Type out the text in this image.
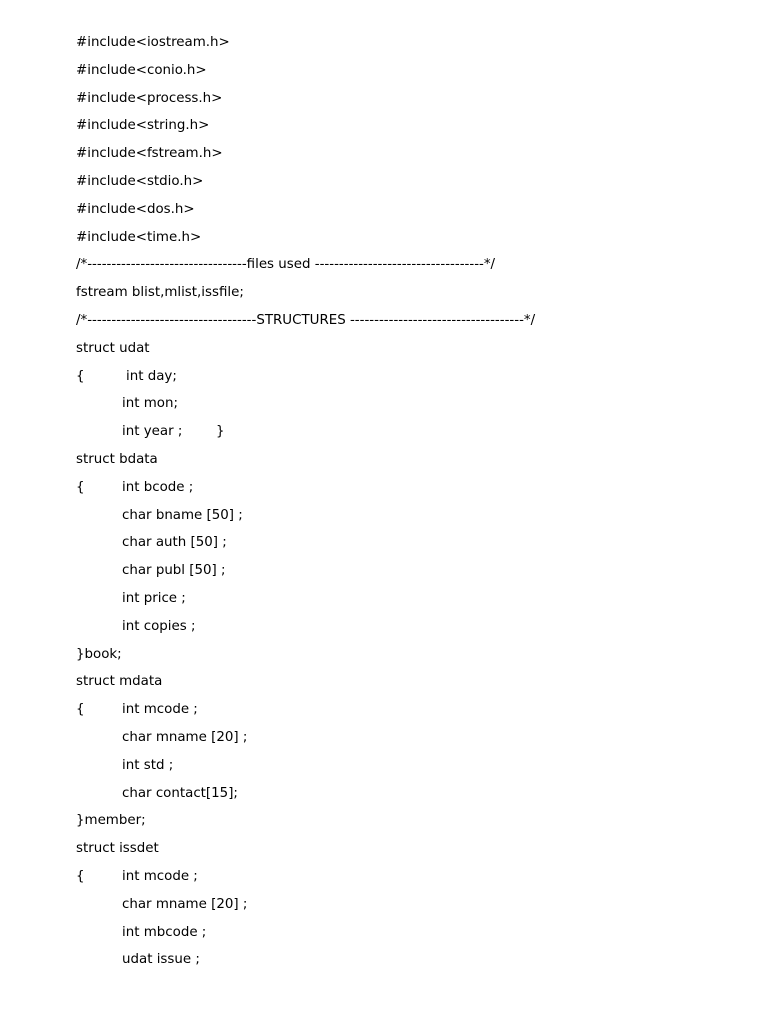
#include<iostream.h>
#include<conio.h>
#include<process.h>
#include<string.h>
#include<fstream.h>
#include<stdio.h>
#include<dos.h>
#include<time.h>
/*---------------------------------files used -----------------------------------*/
fstream blist,mlist,issfile;
/*-----------------------------------STRUCTURES ------------------------------------*/
struct udat
{	int day;
int mon;
int year ;	}
struct bdata
{	int bcode ;
char bname [50] ;
char auth [50] ;
char publ [50] ;
int price ;
int copies ;
}book;
struct mdata
{	int mcode ;
char mname [20] ;
int std ;
char contact[15];
}member;
struct issdet
{	int mcode ;
char mname [20] ;
int mbcode ;
udat issue ;
